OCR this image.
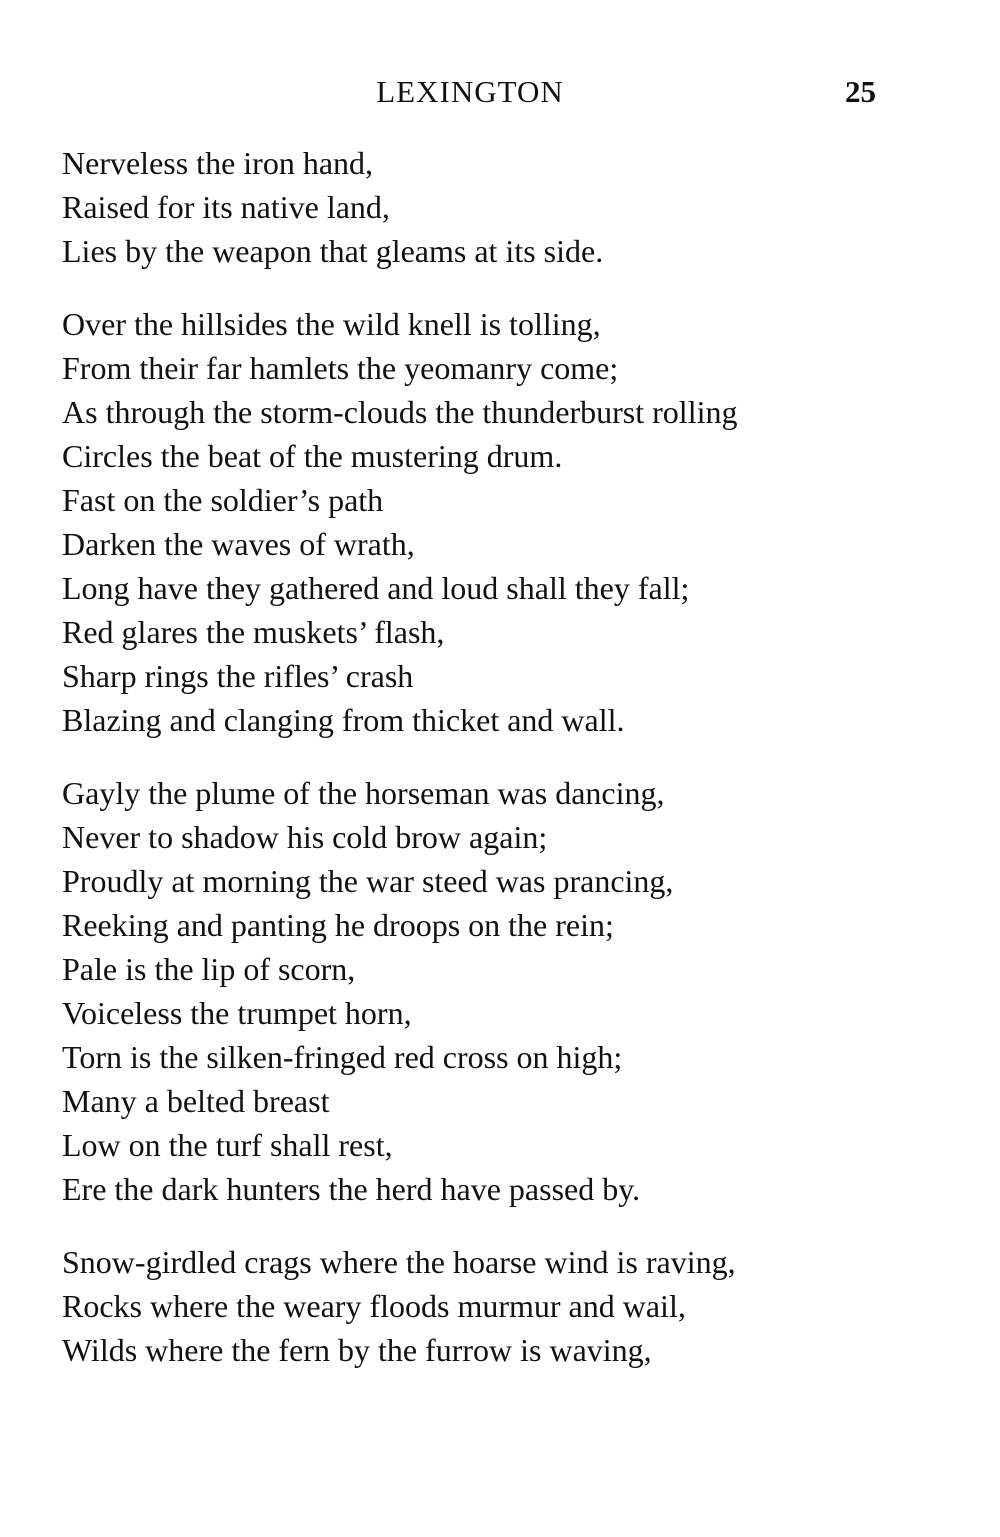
LEXINGTON	25
Nerveless the iron hand,
Raised for its native land,
Lies by the weapon that gleams at its side.
Over the hillsides the wild knell is tolling,
From their far hamlets the yeomanry come;
As through the storm-clouds the thunderburst rolling
Circles the beat of the mustering drum.
Fast on the soldier’s path
Darken the waves of wrath,
Long have they gathered and loud shall they fall;
Red glares the muskets’ flash,
Sharp rings the rifles’ crash
Blazing and clanging from thicket and wall.
Gayly the plume of the horseman was dancing,
Never to shadow his cold brow again;
Proudly at morning the war steed was prancing,
Reeking and panting he droops on the rein;
Pale is the lip of scorn,
Voiceless the trumpet horn,
Torn is the silken-fringed red cross on high;
Many a belted breast
Low on the turf shall rest,
Ere the dark hunters the herd have passed by.
Snow-girdled crags where the hoarse wind is raving,
Rocks where the weary floods murmur and wail,
Wilds where the fern by the furrow is waving,
